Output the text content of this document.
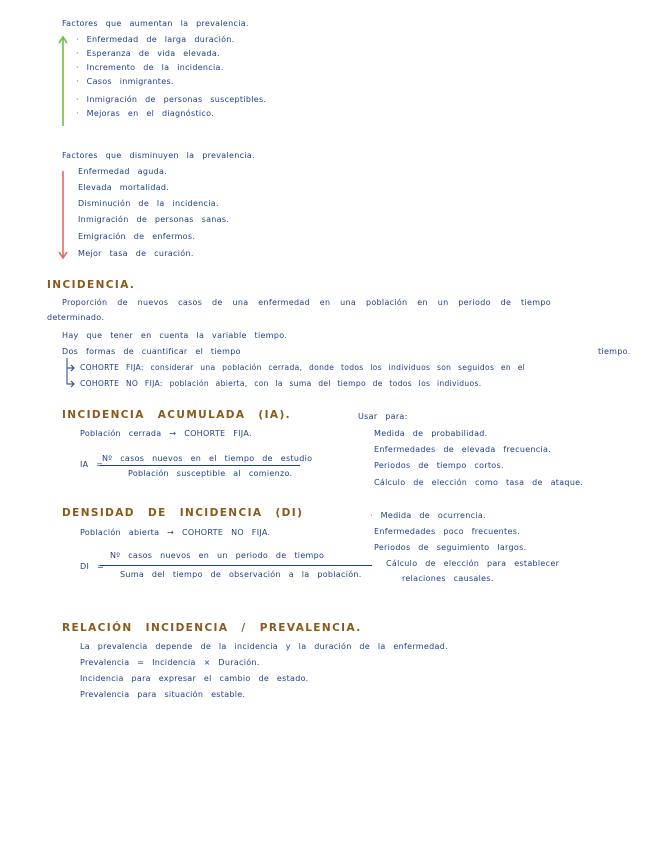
Factores que aumentan la prevalencia.
· Enfermedad de larga duración.
· Esperanza de vida elevada.
· Incremento de la incidencia.
· Casos inmigrantes.
· Inmigración de personas susceptibles.
· Mejoras en el diagnóstico.
Factores que disminuyen la prevalencia.
Enfermedad aguda.
Elevada mortalidad.
Disminución de la incidencia.
Inmigración de personas sanas.
Emigración de enfermos.
Mejor tasa de curación.
INCIDENCIA.
Proporción de nuevos casos de una enfermedad en una población en un periodo de tiempo
determinado.
Hay que tener en cuenta la variable tiempo.
Dos formas de cuantificar el tiempo	tiempo.
COHORTE FIJA: considerar una población cerrada, donde todos los individuos son seguidos en el
COHORTE NO FIJA: población abierta, con la suma del tiempo de todos los individuos.
INCIDENCIA ACUMULADA (IA).
Población cerrada → COHORTE FIJA.
IA =
Nº casos nuevos en el tiempo de estudio
Población susceptible al comienzo.
Usar para:
Medida de probabilidad.
Enfermedades de elevada frecuencia.
Periodos de tiempo cortos.
Cálculo de elección como tasa de ataque.
DENSIDAD DE INCIDENCIA (DI)
Población abierta → COHORTE NO FIJA.
DI =
Nº casos nuevos en un periodo de tiempo
Suma del tiempo de observación a la población.
· Medida de ocurrencia.
Enfermedades poco frecuentes.
Periodos de seguimiento largos.
Cálculo de elección para establecer
relaciones causales.
RELACIÓN INCIDENCIA / PREVALENCIA.
La prevalencia depende de la incidencia y la duración de la enfermedad.
Prevalencia = Incidencia × Duración.
Incidencia para expresar el cambio de estado.
Prevalencia para situación estable.
